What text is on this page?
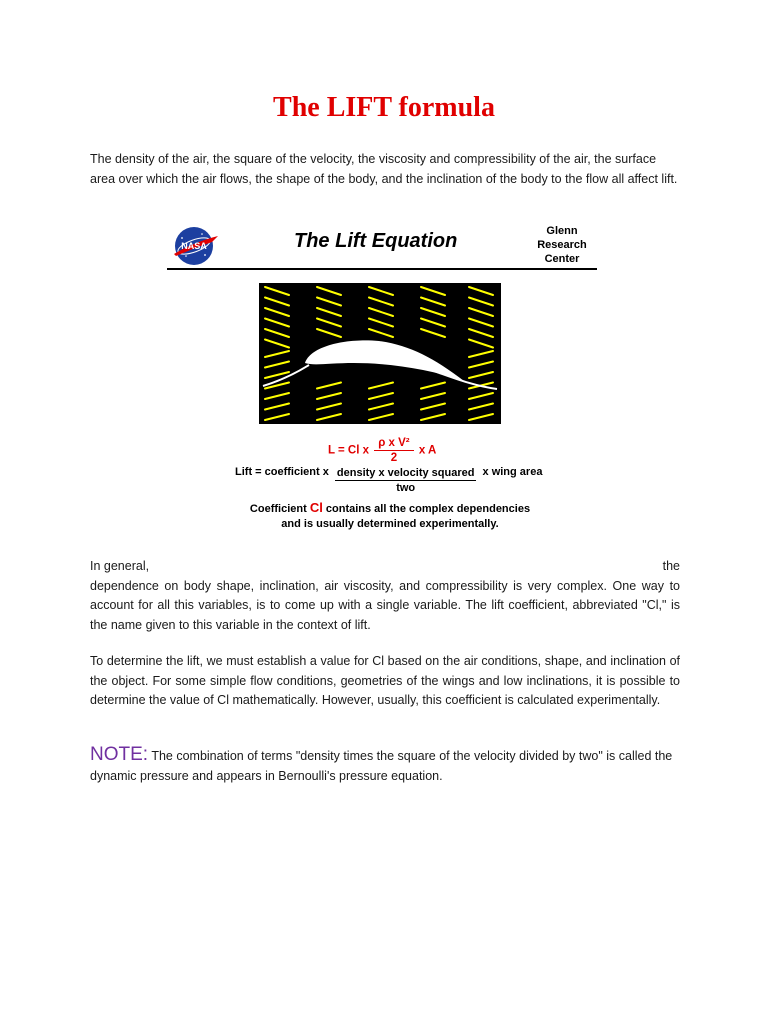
The LIFT formula

The density of the air, the square of the velocity, the viscosity and compressibility of the air, the surface area over which the air flows, the shape of the body, and the inclination of the body to the flow all affect lift.

NASA	The Lift Equation	Glenn
Research
Center
L = Cl x $\frac{\text{ρ x V²}}{2}$ x A
Lift = coefficient x $\frac{\text{density x velocity squared}}{\text{two}}$ x wing area
Coefficient Cl contains all the complex dependencies
and is usually determined experimentally.
In general,	the
dependence on body shape, inclination, air viscosity, and compressibility is very complex. One way to account for all this variables, is to come up with a single variable. The lift coefficient, abbreviated "Cl," is the name given to this variable in the context of lift.

To determine the lift, we must establish a value for Cl based on the air conditions, shape, and inclination of the object. For some simple flow conditions, geometries of the wings and low inclinations, it is possible to determine the value of Cl mathematically. However, usually, this coefficient is calculated experimentally.

NOTE: The combination of terms "density times the square of the velocity divided by two" is called the dynamic pressure and appears in Bernoulli's pressure equation.
